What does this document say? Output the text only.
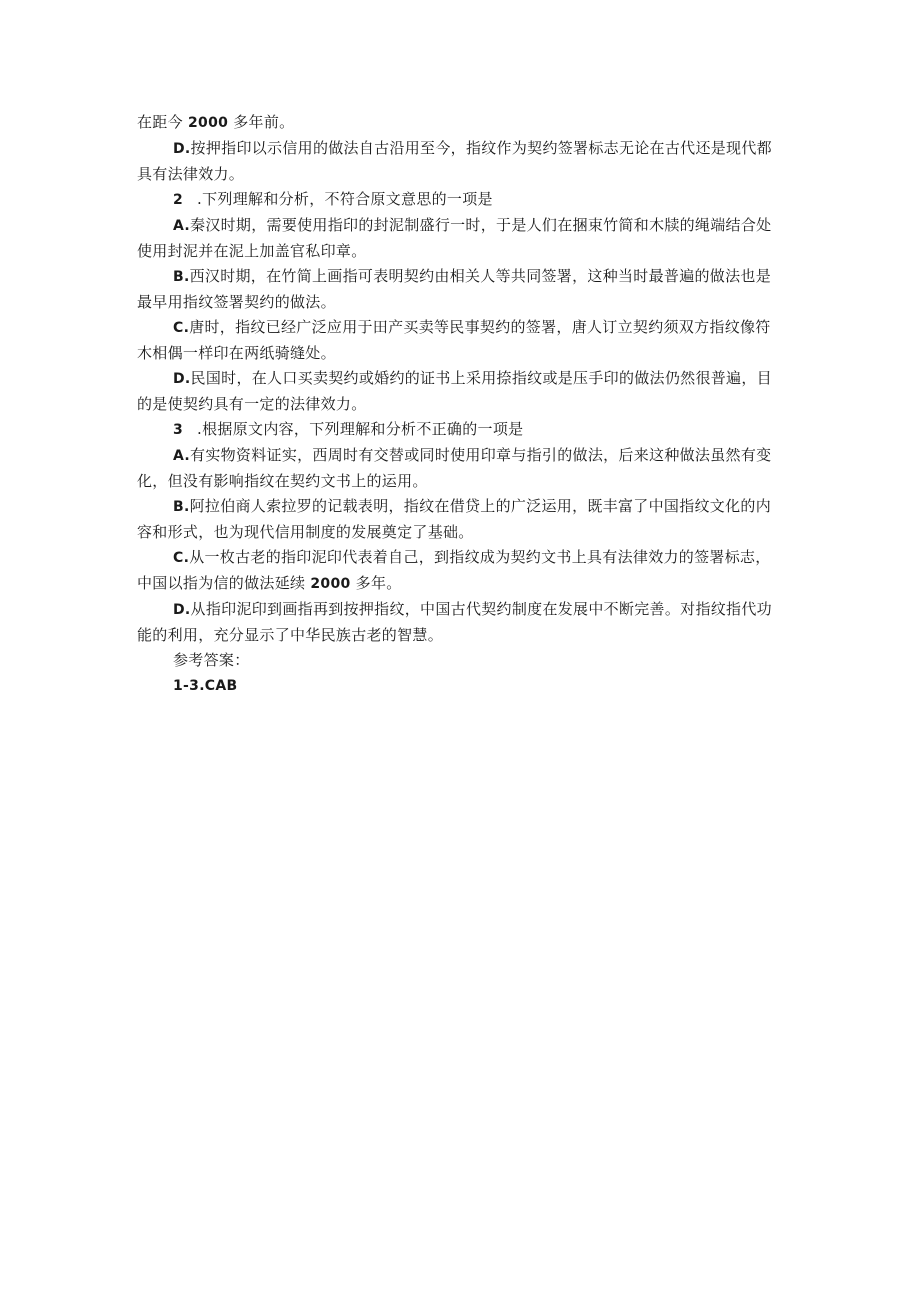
在距今 2000 多年前。

D.按押指印以示信用的做法自古沿用至今，指纹作为契约签署标志无论在古代还是现代都具有法律效力。

2 .下列理解和分析，不符合原文意思的一项是

A.秦汉时期，需要使用指印的封泥制盛行一时，于是人们在捆束竹简和木牍的绳端结合处使用封泥并在泥上加盖官私印章。

B.西汉时期，在竹简上画指可表明契约由相关人等共同签署，这种当时最普遍的做法也是最早用指纹签署契约的做法。

C.唐时，指纹已经广泛应用于田产买卖等民事契约的签署，唐人订立契约须双方指纹像符木相偶一样印在两纸骑缝处。

D.民国时，在人口买卖契约或婚约的证书上采用捺指纹或是压手印的做法仍然很普遍，目的是使契约具有一定的法律效力。

3 .根据原文内容，下列理解和分析不正确的一项是

A.有实物资料证实，西周时有交替或同时使用印章与指引的做法，后来这种做法虽然有变化，但没有影响指纹在契约文书上的运用。

B.阿拉伯商人索拉罗的记载表明，指纹在借贷上的广泛运用，既丰富了中国指纹文化的内容和形式，也为现代信用制度的发展奠定了基础。

C.从一枚古老的指印泥印代表着自己，到指纹成为契约文书上具有法律效力的签署标志，中国以指为信的做法延续 2000 多年。

D.从指印泥印到画指再到按押指纹，中国古代契约制度在发展中不断完善。对指纹指代功能的利用，充分显示了中华民族古老的智慧。

参考答案：

1-3.CAB
